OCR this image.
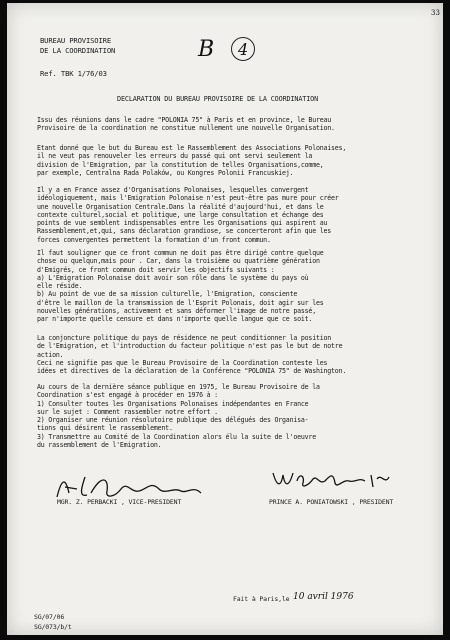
BUREAU PROVISOIRE
DE LA COORDINATION
Ref. TBK 1/76/03
33
B 4
DECLARATION DU BUREAU PROVISOIRE DE LA COORDINATION
Issu des réunions dans le cadre "POLONIA 75" à Paris et en province, le Bureau
Provisoire de la coordination ne constitue nullement une nouvelle Organisation.
Etant donné que le but du Bureau est le Rassemblement des Associations Polonaises,
il ne veut pas renouveler les erreurs du passé qui ont servi seulement la
division de l'Emigration, par la constitution de telles Organisations,comme,
par exemple, Centralna Rada Polaków, ou Kongres Polonii Francuskiej.
Il y a en France assez d'Organisations Polonaises, lesquelles convergent
idéologiquement, mais l'Emigration Polonaise n'est peut-être pas mure pour créer
une nouvelle Organisation Centrale.Dans la réalité d'aujourd'hui, et dans le
contexte culturel,social et politique, une large consultation et échange des
points de vue semblent indispensables entre les Organisations qui aspirent au
Rassemblement,et,qui, sans déclaration grandiose, se concerteront afin que les
forces convergentes permettent la formation d'un front commun.
Il faut souligner que ce front commun ne doit pas être dirigé contre quelque
chose ou quelqun,mais pour . Car, dans la troisième ou quatrième génération
d'Emigrés, ce front commun doit servir les objectifs suivants :
a) L'Emigration Polonaise doit avoir son rôle dans le système du pays où
elle réside.
b) Au point de vue de sa mission culturelle, l'Emigration, consciente
d'être le maillon de la transmission de l'Esprit Polonais, doit agir sur les
nouvelles générations, activement et sans déformer l'image de notre passé,
par n'importe quelle censure et dans n'importe quelle langue que ce soit.
La conjoncture politique du pays de résidence ne peut conditionner la position
de l'Emigration, et l'introduction du facteur politique n'est pas le but de notre
action.
Ceci ne signifie pas que le Bureau Provisoire de la Coordination conteste les
idées et directives de la déclaration de la Conférence "POLONIA 75" de Washington.
Au cours de la dernière séance publique en 1975, le Bureau Provisoire de la
Coordination s'est engagé à procéder en 1976 à :
1) Consulter toutes les Organisations Polonaises indépendantes en France
sur le sujet : Comment rassembler notre effort .
2) Organiser une réunion résolutoire publique des délégués des Organisa-
tions qui désirent le rassemblement.
3) Transmettre au Comité de la Coordination alors élu la suite de l'oeuvre
du rassemblement de l'Emigration.
MGR. Z. PERBACKI , VICE-PRESIDENT	PRINCE A. PONIATOWSKI , PRESIDENT
Fait à Paris,le 10 avril 1976
SG/07/06
SG/073/b/t
